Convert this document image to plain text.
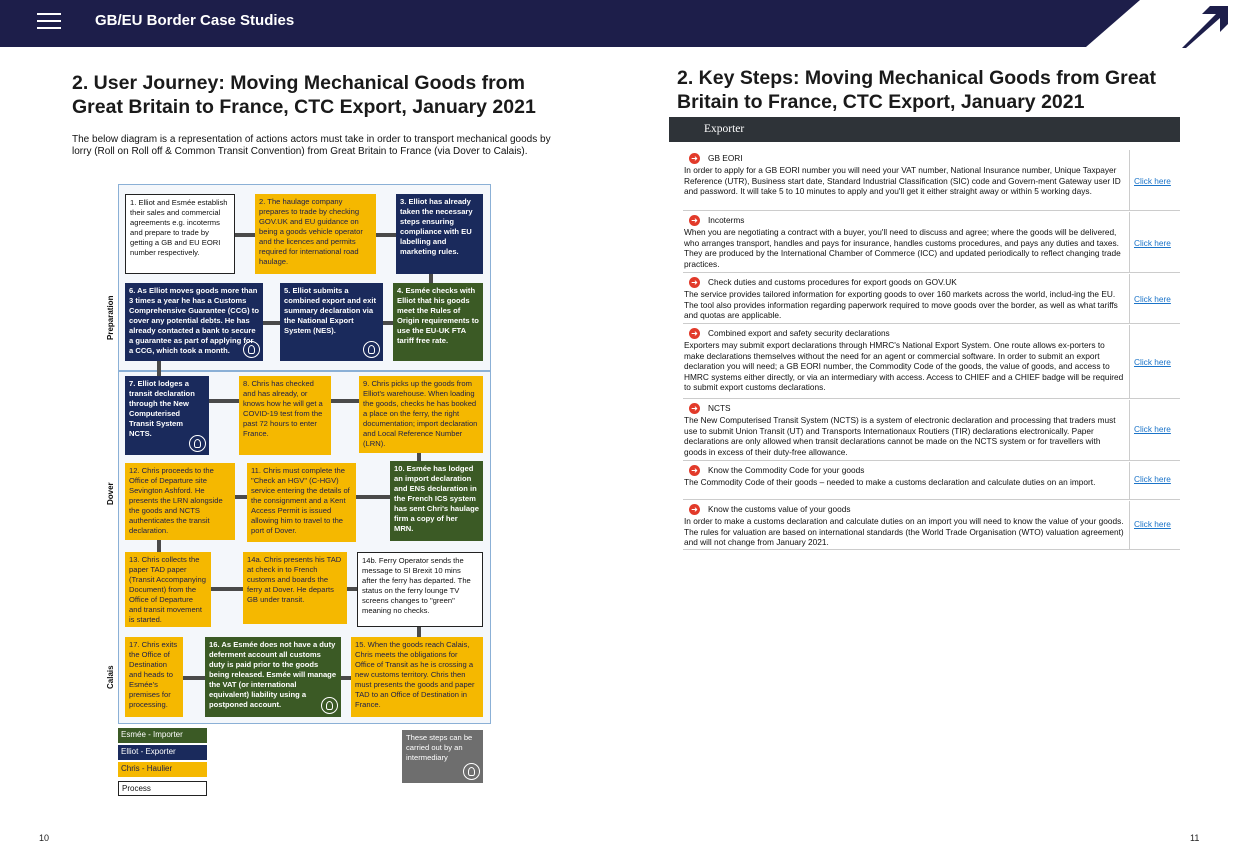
GB/EU Border Case Studies
2. User Journey: Moving Mechanical Goods from Great Britain to France, CTC Export, January 2021

The below diagram is a representation of actions actors must take in order to transport mechanical goods by lorry (Roll on Roll off & Common Transit Convention) from Great Britain to France (via Dover to Calais).

Preparation
Dover
Calais
1. Elliot and Esmée establish their sales and commercial agreements e.g. incoterms and prepare to trade by getting a GB and EU EORI number respectively.
2. The haulage company prepares to trade by checking GOV.UK and EU guidance on being a goods vehicle operator and the licences and permits required for international road haulage.
3. Elliot has already taken the necessary steps ensuring compliance with EU labelling and marketing rules.
4. Esmée checks with Elliot that his goods meet the Rules of Origin requirements to use the EU-UK FTA tariff free rate.
5. Elliot submits a combined export and exit summary declaration via the National Export System (NES).
6. As Elliot moves goods more than 3 times a year he has a Customs Comprehensive Guarantee (CCG) to cover any potential debts. He has already contacted a bank to secure a guarantee as part of applying for a CCG, which took a month.
7. Elliot lodges a transit declaration through the New Computerised Transit System NCTS.
8. Chris has checked and has already, or knows how he will get a COVID-19 test from the past 72 hours to enter France.
9. Chris picks up the goods from Elliot's warehouse. When loading the goods, checks he has booked a place on the ferry, the right documentation; import declaration and Local Reference Number (LRN).
10. Esmée has lodged an import declaration and ENS declaration in the French ICS system has sent Chri's haulage firm a copy of her MRN.
11. Chris must complete the "Check an HGV" (C-HGV) service entering the details of the consignment and a Kent Access Permit is issued allowing him to travel to the port of Dover.
12. Chris proceeds to the Office of Departure site Sevington Ashford. He presents the LRN alongside the goods and NCTS authenticates the transit declaration.
13. Chris collects the paper TAD paper (Transit Accompanying Document) from the Office of Departure and transit movement is started.
14a. Chris presents his TAD at check in to French customs and boards the ferry at Dover. He departs GB under transit.
14b. Ferry Operator sends the message to SI Brexit 10 mins after the ferry has departed. The status on the ferry lounge TV screens changes to "green" meaning no checks.
15. When the goods reach Calais, Chris meets the obligations for Office of Transit as he is crossing a new customs territory. Chris then must presents the goods and paper TAD to an Office of Destination in France.
16. As Esmée does not have a duty deferment account all customs duty is paid prior to the goods being released. Esmée will manage the VAT (or international equivalent) liability using a postponed account.
17. Chris exits the Office of Destination and heads to Esmée's premises for processing.
Esmée - Importer
Elliot - Exporter
Chris - Haulier
Process
These steps can be carried out by an intermediary
10
2. Key Steps: Moving Mechanical Goods from Great Britain to France, CTC Export, January 2021
Exporter
➜ GB EORI
In order to apply for a GB EORI number you will need your VAT number, National Insurance number, Unique Taxpayer Reference (UTR), Business start date, Standard Industrial Classification (SIC) code and Govern-ment Gateway user ID and password. It will take 5 to 10 minutes to apply and you'll get it either straight away or within 5 working days.
Click here
➜ Incoterms
When you are negotiating a contract with a buyer, you'll need to discuss and agree; where the goods will be delivered, who arranges transport, handles and pays for insurance, handles customs procedures, and pays any duties and taxes. They are produced by the International Chamber of Commerce (ICC) and updated periodically to reflect changing trade practices.
Click here
➜ Check duties and customs procedures for export goods on GOV.UK
The service provides tailored information for exporting goods to over 160 markets across the world, includ-ing the EU. The tool also provides information regarding paperwork required to move goods over the border, as well as what tariffs and quotas are applicable.
Click here
➜ Combined export and safety security declarations
Exporters may submit export declarations through HMRC's National Export System. One route allows ex-porters to make declarations themselves without the need for an agent or commercial software. In order to submit an export declaration you will need; a GB EORI number, the Commodity Code of the goods, the value of goods, and access to HMRC systems either directly, or via an intermediary with access. Access to CHIEF and a CHIEF badge will be required to submit export customs declarations.
Click here
➜ NCTS
The New Computerised Transit System (NCTS) is a system of electronic declaration and processing that traders must use to submit Union Transit (UT) and Transports Internationaux Routiers (TIR) declarations electronically. Paper declarations are only allowed when transit declarations cannot be made on the NCTS system or for travellers with goods in excess of their duty-free allowance.
Click here
➜ Know the Commodity Code for your goods
The Commodity Code of their goods – needed to make a customs declaration and calculate duties on an import.	Click here
➜ Know the customs value of your goods
In order to make a customs declaration and calculate duties on an import you will need to know the value of your goods. The rules for valuation are based on international standards (the World Trade Organisation (WTO) valuation agreement) and will not change from January 2021.
Click here
11
